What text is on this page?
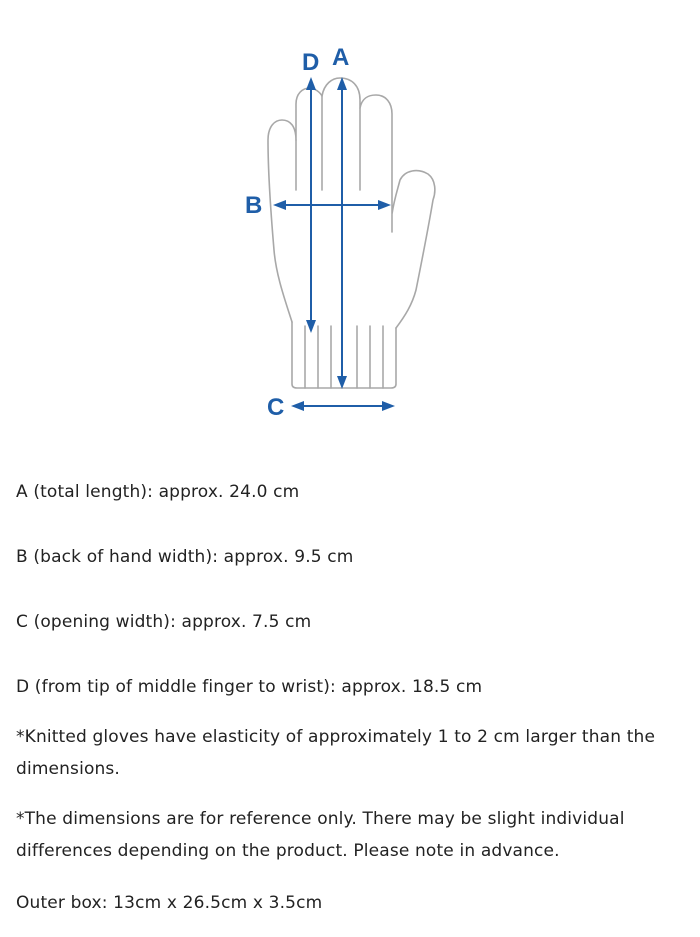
D A
B
C
A (total length): approx. 24.0 cm
B (back of hand width): approx. 9.5 cm
C (opening width): approx. 7.5 cm
D (from tip of middle finger to wrist): approx. 18.5 cm
*Knitted gloves have elasticity of approximately 1 to 2 cm larger than the dimensions.
*The dimensions are for reference only. There may be slight individual differences depending on the product. Please note in advance.
Outer box: 13cm x 26.5cm x 3.5cm
